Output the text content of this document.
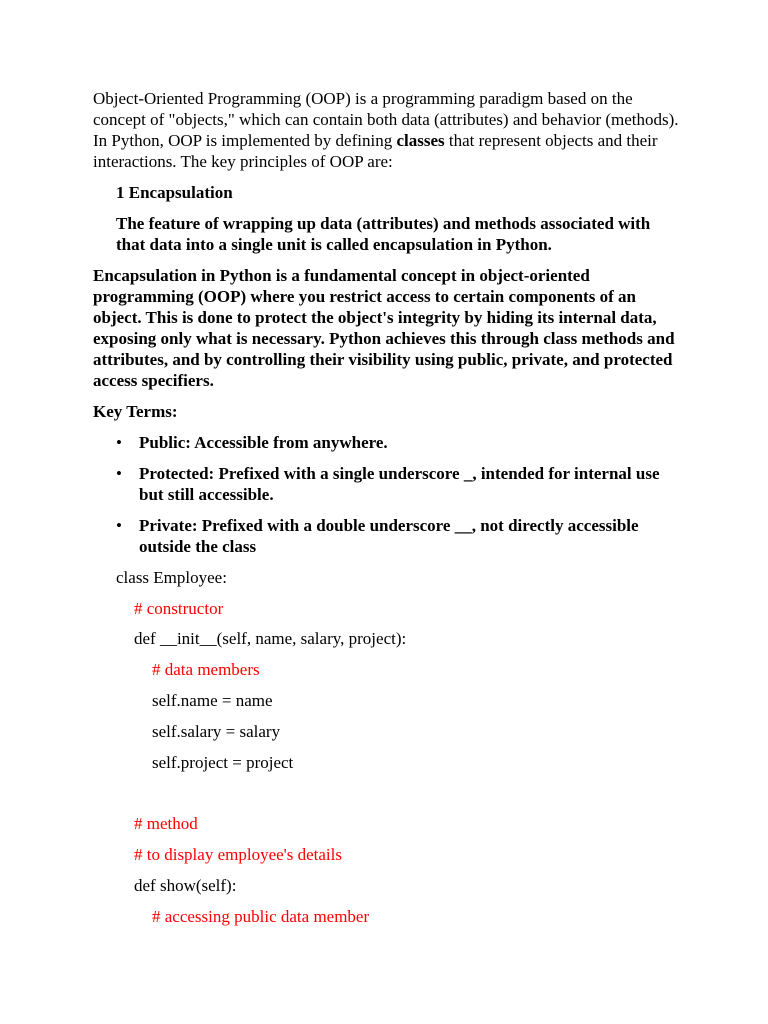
Object-Oriented Programming (OOP) is a programming paradigm based on the concept of "objects," which can contain both data (attributes) and behavior (methods). In Python, OOP is implemented by defining classes that represent objects and their interactions. The key principles of OOP are:

1 Encapsulation

The feature of wrapping up data (attributes) and methods associated with that data into a single unit is called encapsulation in Python.

Encapsulation in Python is a fundamental concept in object-oriented programming (OOP) where you restrict access to certain components of an object. This is done to protect the object's integrity by hiding its internal data, exposing only what is necessary. Python achieves this through class methods and attributes, and by controlling their visibility using public, private, and protected access specifiers.

Key Terms:

• Public: Accessible from anywhere.

• Protected: Prefixed with a single underscore _, intended for internal use but still accessible.

• Private: Prefixed with a double underscore __, not directly accessible outside the class

class Employee:

# constructor

def __init__(self, name, salary, project):

# data members

self.name = name

self.salary = salary

self.project = project

# method

# to display employee's details

def show(self):

# accessing public data member
